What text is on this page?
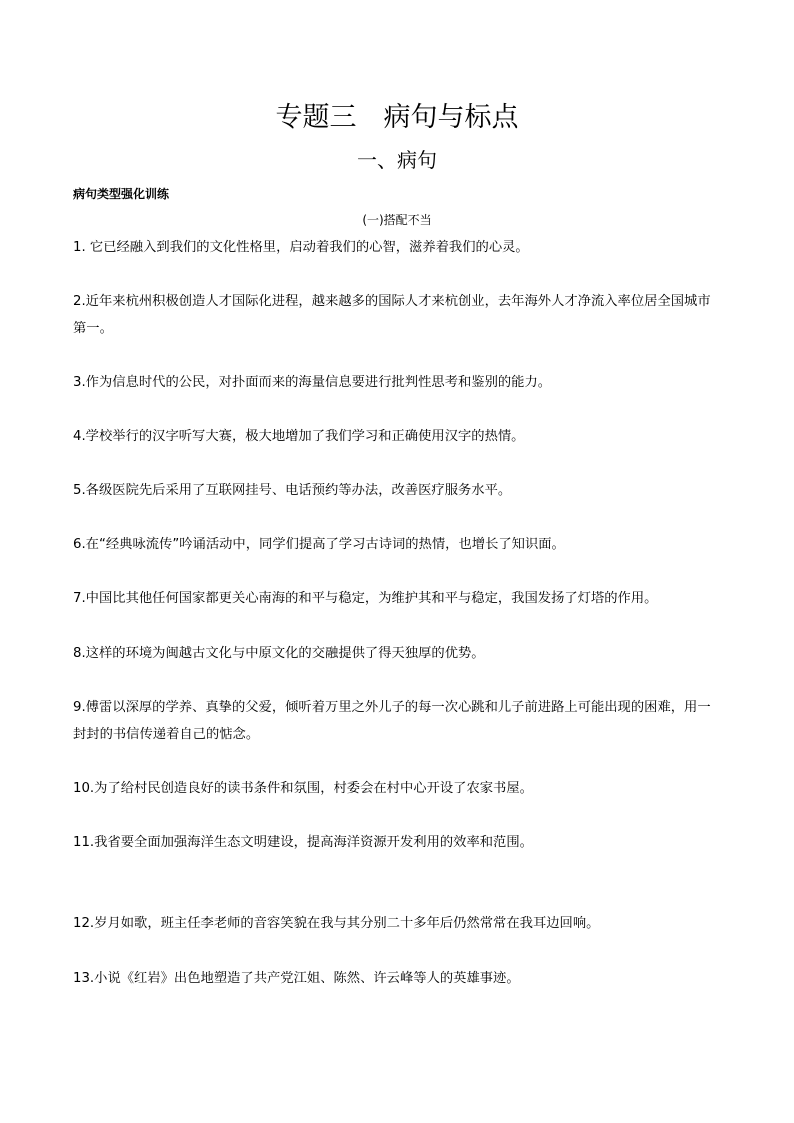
专题三　病句与标点
一、病句
病句类型强化训练
(一)搭配不当
1. 它已经融入到我们的文化性格里，启动着我们的心智，滋养着我们的心灵。
2.近年来杭州积极创造人才国际化进程，越来越多的国际人才来杭创业，去年海外人才净流入率位居全国城市第一。
3.作为信息时代的公民，对扑面而来的海量信息要进行批判性思考和鉴别的能力。
4.学校举行的汉字听写大赛，极大地增加了我们学习和正确使用汉字的热情。
5.各级医院先后采用了互联网挂号、电话预约等办法，改善医疗服务水平。
6.在“经典咏流传”吟诵活动中，同学们提高了学习古诗词的热情，也增长了知识面。
7.中国比其他任何国家都更关心南海的和平与稳定，为维护其和平与稳定，我国发扬了灯塔的作用。
8.这样的环境为闽越古文化与中原文化的交融提供了得天独厚的优势。
9.傅雷以深厚的学养、真挚的父爱，倾听着万里之外儿子的每一次心跳和儿子前进路上可能出现的困难，用一封封的书信传递着自己的惦念。
10.为了给村民创造良好的读书条件和氛围，村委会在村中心开设了农家书屋。
11.我省要全面加强海洋生态文明建设，提高海洋资源开发利用的效率和范围。
12.岁月如歌，班主任李老师的音容笑貌在我与其分别二十多年后仍然常常在我耳边回响。
13.小说《红岩》出色地塑造了共产党江姐、陈然、许云峰等人的英雄事迹。
